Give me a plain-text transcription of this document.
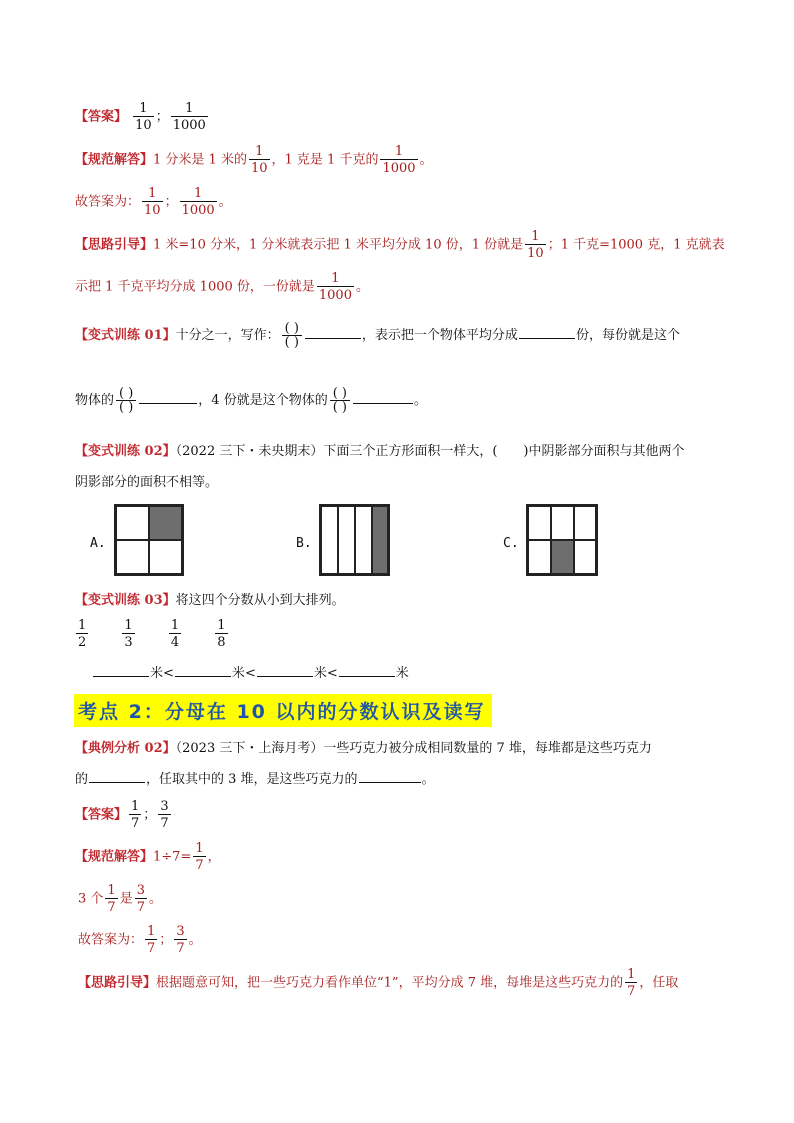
【答案】 $\frac{1}{10}$ ； $\frac{1}{1000}$
【规范解答】1 分米是 1 米的 $\frac{1}{10}$ ，1 克是 1 千克的 $\frac{1}{1000}$ 。
故答案为： $\frac{1}{10}$ ； $\frac{1}{1000}$ 。
【思路引导】1 米=10 分米，1 分米就表示把 1 米平均分成 10 份，1 份就是 $\frac{1}{10}$ ；1 千克=1000 克，1 克就表
示把 1 千克平均分成 1000 份，一份就是 $\frac{1}{1000}$ 。
【变式训练 01】十分之一，写作： $\frac{( )}{( )}$	，表示把一个物体平均分成	份，每份就是这个
物体的 $\frac{( )}{( )}$	，4 份就是这个物体的 $\frac{( )}{( )}$	。
【变式训练 02】（2022 三下・未央期末）下面三个正方形面积一样大，(　　)中阴影部分面积与其他两个
阴影部分的面积不相等。
A.	B.	C.
【变式训练 03】将这四个分数从小到大排列。
$\frac{1}{2}$
	$\frac{1}{3}$
	$\frac{1}{4}$
	$\frac{1}{8}$
米<	米<	米<	米
考点 2：分母在 10 以内的分数认识及读写
【典例分析 02】（2023 三下・上海月考）一些巧克力被分成相同数量的 7 堆，每堆都是这些巧克力
的	，任取其中的 3 堆，是这些巧克力的	。
【答案】 $\frac{1}{7}$ ； $\frac{3}{7}$
【规范解答】$1\div 7= \frac{1}{7}$ ，
3 个 $\frac{1}{7}$ 是 $\frac{3}{7}$ 。
故答案为： $\frac{1}{7}$ ； $\frac{3}{7}$ 。
【思路引导】根据题意可知，把一些巧克力看作单位“1”，平均分成 7 堆，每堆是这些巧克力的 $\frac{1}{7}$ ，任取
